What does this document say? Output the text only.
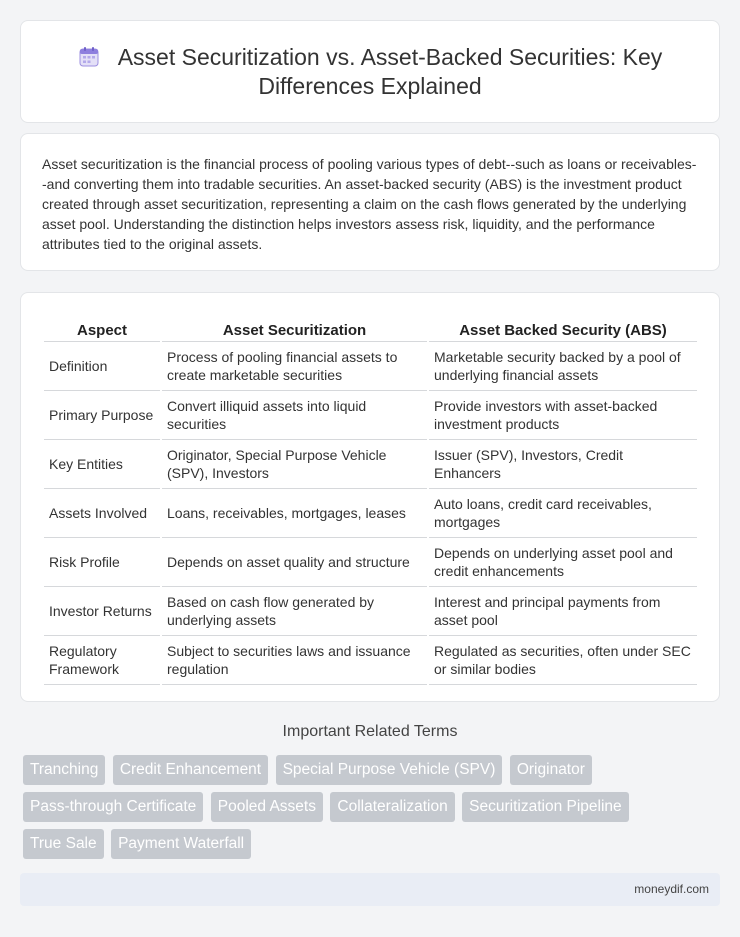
Asset Securitization vs. Asset-Backed Securities: Key Differences Explained

Asset securitization is the financial process of pooling various types of debt--such as loans or receivables--and converting them into tradable securities. An asset-backed security (ABS) is the investment product created through asset securitization, representing a claim on the cash flows generated by the underlying asset pool. Understanding the distinction helps investors assess risk, liquidity, and the performance attributes tied to the original assets.

Aspect	Asset Securitization	Asset Backed Security (ABS)
Definition	Process of pooling financial assets to create marketable securities	Marketable security backed by a pool of underlying financial assets
Primary Purpose	Convert illiquid assets into liquid securities	Provide investors with asset-backed investment products
Key Entities	Originator, Special Purpose Vehicle (SPV), Investors	Issuer (SPV), Investors, Credit Enhancers
Assets Involved	Loans, receivables, mortgages, leases	Auto loans, credit card receivables, mortgages
Risk Profile	Depends on asset quality and structure	Depends on underlying asset pool and credit enhancements
Investor Returns	Based on cash flow generated by underlying assets	Interest and principal payments from asset pool
Regulatory Framework	Subject to securities laws and issuance regulation	Regulated as securities, often under SEC or similar bodies
Important Related Terms
Tranching Credit Enhancement Special Purpose Vehicle (SPV) Originator Pass-through Certificate Pooled Assets Collateralization Securitization Pipeline True Sale Payment Waterfall
moneydif.com
